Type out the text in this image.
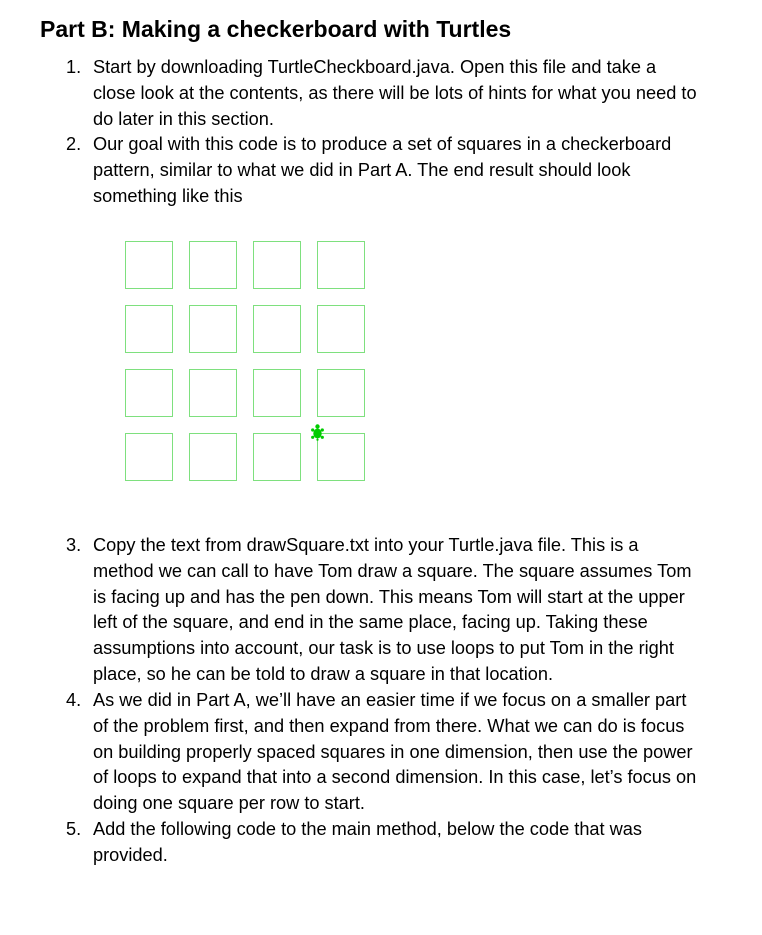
Part B: Making a checkerboard with Turtles
1. Start by downloading TurtleCheckboard.java. Open this file and take a
close look at the contents, as there will be lots of hints for what you need to
do later in this section.
2. Our goal with this code is to produce a set of squares in a checkerboard
pattern, similar to what we did in Part A. The end result should look
something like this
3. Copy the text from drawSquare.txt into your Turtle.java file. This is a
method we can call to have Tom draw a square. The square assumes Tom
is facing up and has the pen down. This means Tom will start at the upper
left of the square, and end in the same place, facing up. Taking these
assumptions into account, our task is to use loops to put Tom in the right
place, so he can be told to draw a square in that location.
4. As we did in Part A, we’ll have an easier time if we focus on a smaller part
of the problem first, and then expand from there. What we can do is focus
on building properly spaced squares in one dimension, then use the power
of loops to expand that into a second dimension. In this case, let’s focus on
doing one square per row to start.
5. Add the following code to the main method, below the code that was
provided.
